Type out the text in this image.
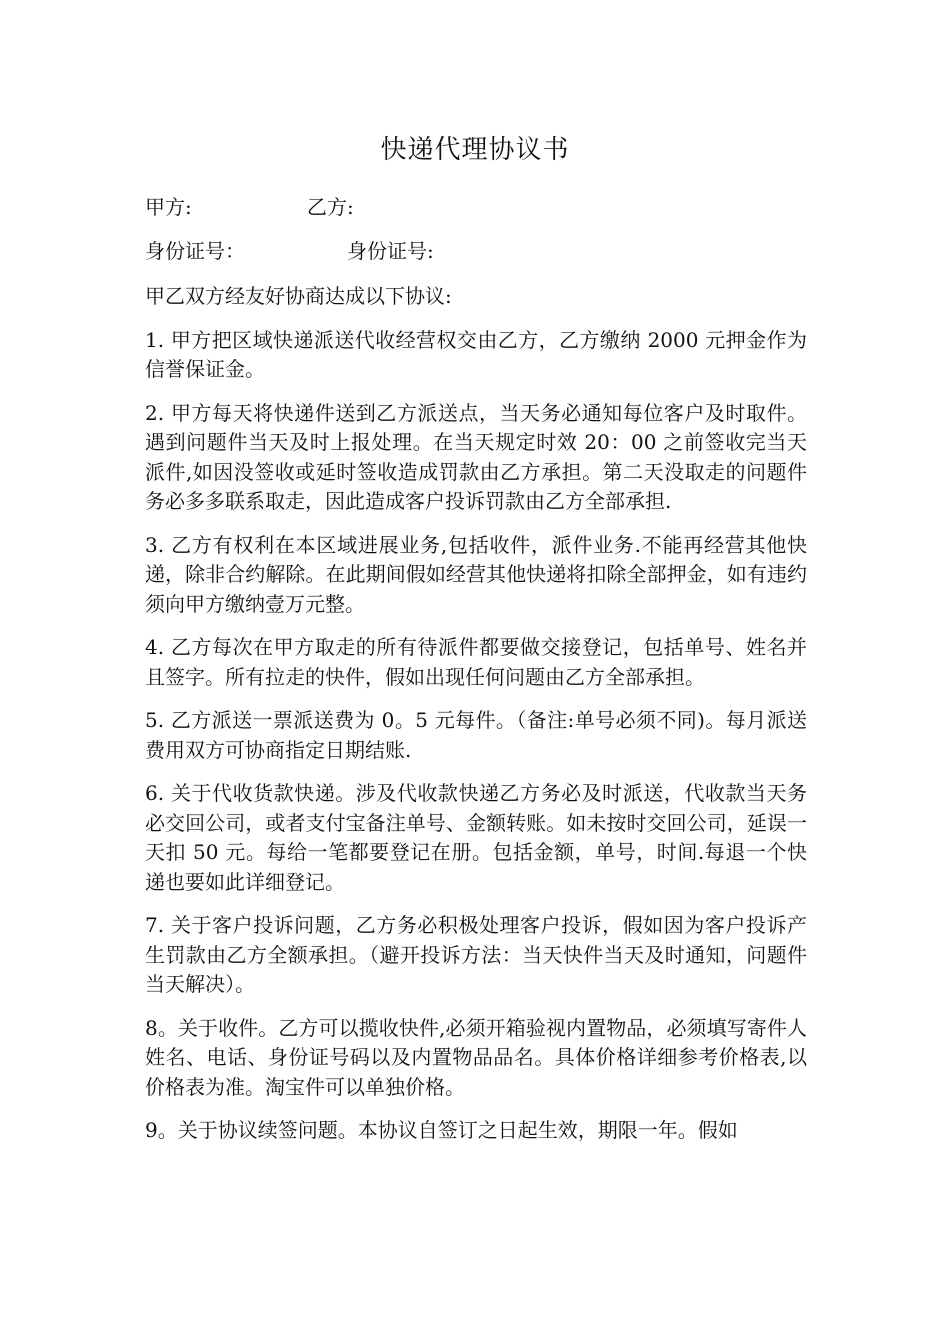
快递代理协议书
甲方:	乙方:
身份证号：	身份证号:

甲乙双方经友好协商达成以下协议:

1. 甲方把区域快递派送代收经营权交由乙方，乙方缴纳 2000 元押金作为信誉保证金。

2. 甲方每天将快递件送到乙方派送点，当天务必通知每位客户及时取件。遇到问题件当天及时上报处理。在当天规定时效 20：00 之前签收完当天派件,如因没签收或延时签收造成罚款由乙方承担。第二天没取走的问题件务必多多联系取走，因此造成客户投诉罚款由乙方全部承担.

3. 乙方有权利在本区域进展业务,包括收件，派件业务.不能再经营其他快递，除非合约解除。在此期间假如经营其他快递将扣除全部押金，如有违约须向甲方缴纳壹万元整。

4. 乙方每次在甲方取走的所有待派件都要做交接登记，包括单号、姓名并且签字。所有拉走的快件，假如出现任何问题由乙方全部承担。

5. 乙方派送一票派送费为 0。5 元每件。（备注:单号必须不同)。每月派送费用双方可协商指定日期结账.

6. 关于代收货款快递。涉及代收款快递乙方务必及时派送，代收款当天务必交回公司，或者支付宝备注单号、金额转账。如未按时交回公司，延误一天扣 50 元。每给一笔都要登记在册。包括金额，单号，时间.每退一个快递也要如此详细登记。

7. 关于客户投诉问题，乙方务必积极处理客户投诉，假如因为客户投诉产生罚款由乙方全额承担。（避开投诉方法：当天快件当天及时通知，问题件当天解决）。

8。关于收件。乙方可以揽收快件,必须开箱验视内置物品，必须填写寄件人姓名、电话、身份证号码以及内置物品品名。具体价格详细参考价格表,以价格表为准。淘宝件可以单独价格。

9。关于协议续签问题。本协议自签订之日起生效，期限一年。假如
